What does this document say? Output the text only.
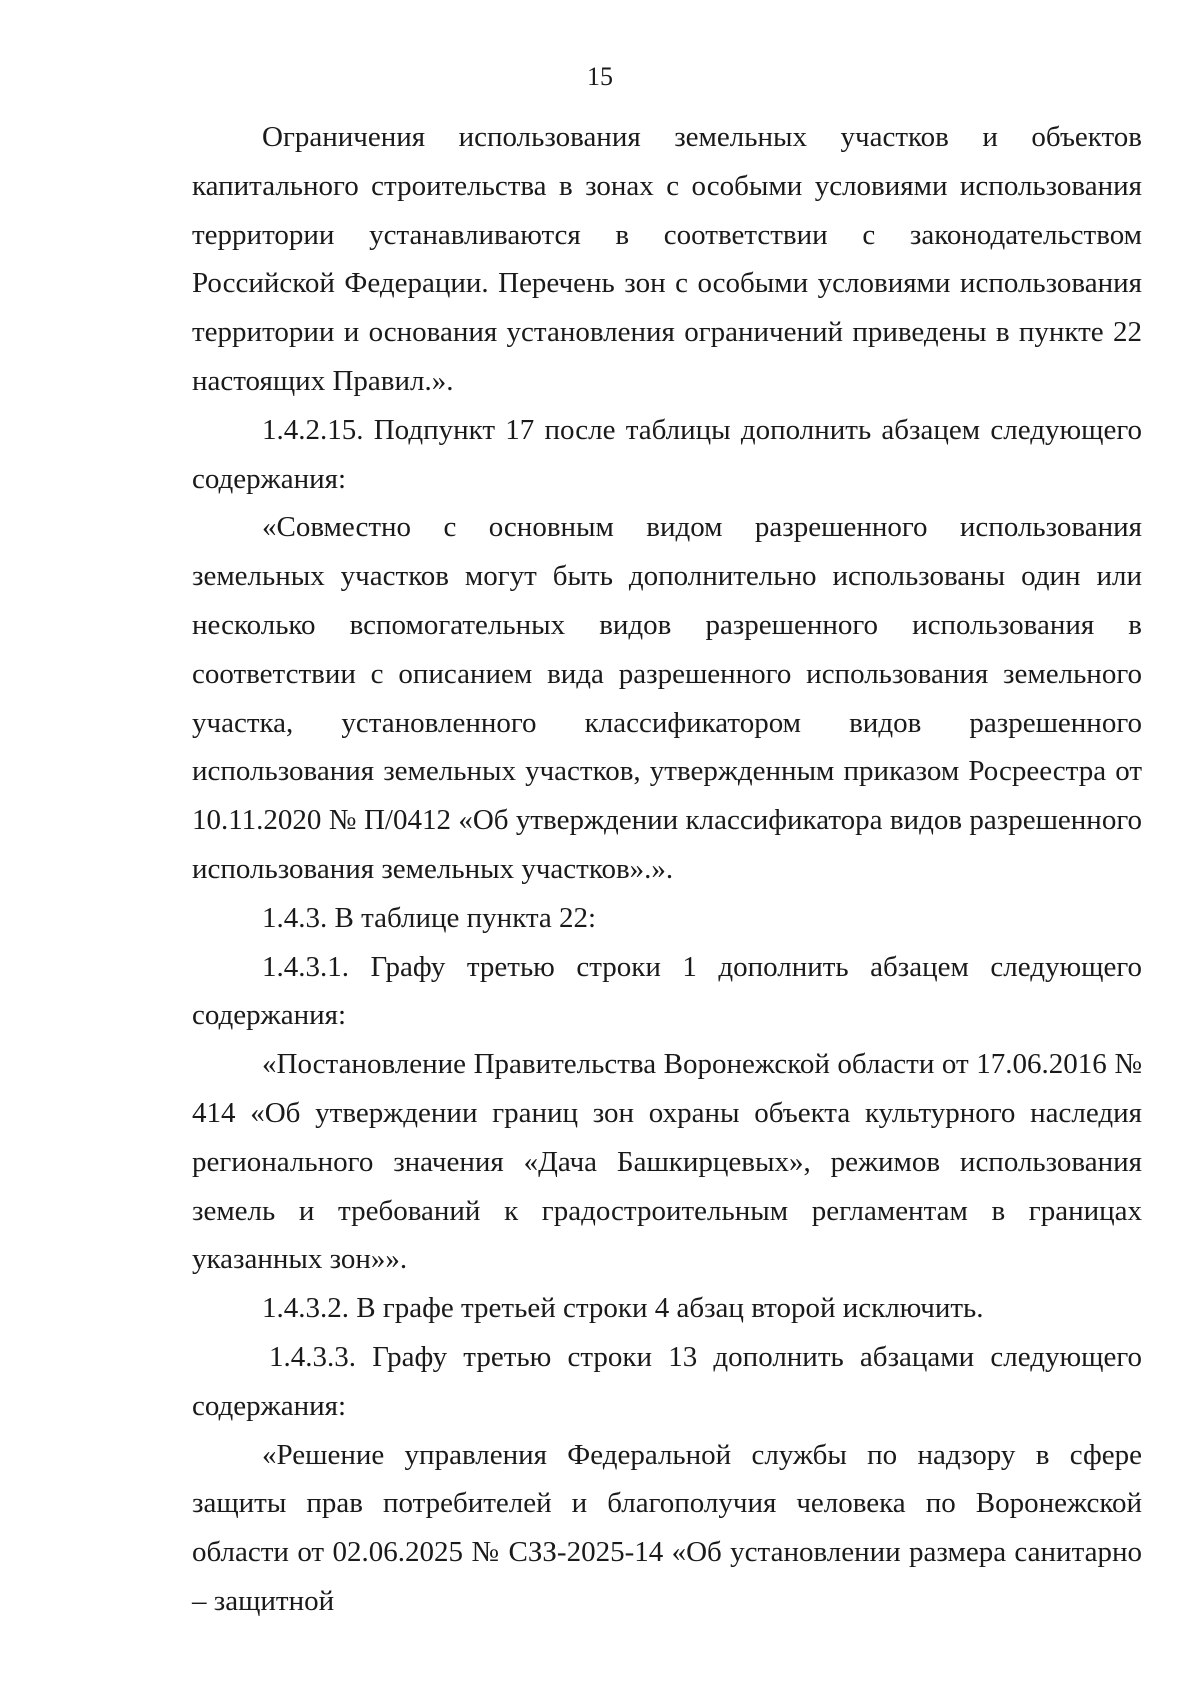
15

Ограничения использования земельных участков и объектов капитального строительства в зонах с особыми условиями использования территории устанавливаются в соответствии с законодательством Российской Федерации. Перечень зон с особыми условиями использования территории и основания установления ограничений приведены в пункте 22 настоящих Правил.».

1.4.2.15. Подпункт 17 после таблицы дополнить абзацем следующего содержания:

«Совместно с основным видом разрешенного использования земельных участков могут быть дополнительно использованы один или несколько вспомогательных видов разрешенного использования в соответствии с описанием вида разрешенного использования земельного участка, установленного классификатором видов разрешенного использования земельных участков, утвержденным приказом Росреестра от 10.11.2020 № П/0412 «Об утверждении классификатора видов разрешенного использования земельных участков».».

1.4.3. В таблице пункта 22:

1.4.3.1. Графу третью строки 1 дополнить абзацем следующего содержания:

«Постановление Правительства Воронежской области от 17.06.2016 № 414 «Об утверждении границ зон охраны объекта культурного наследия регионального значения «Дача Башкирцевых», режимов использования земель и требований к градостроительным регламентам в границах указанных зон»».

1.4.3.2. В графе третьей строки 4 абзац второй исключить.

1.4.3.3. Графу третью строки 13 дополнить абзацами следующего содержания:

«Решение управления Федеральной службы по надзору в сфере защиты прав потребителей и благополучия человека по Воронежской области от 02.06.2025 № СЗЗ-2025-14 «Об установлении размера санитарно – защитной
